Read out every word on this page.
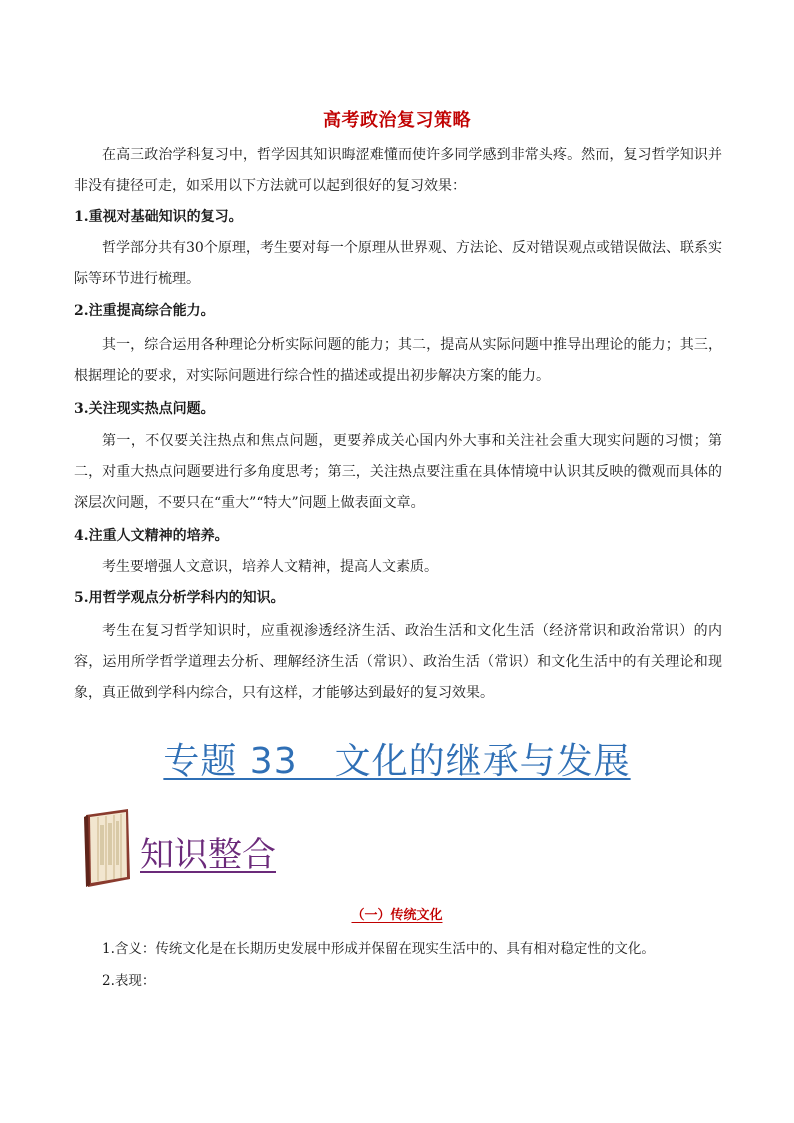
高考政治复习策略

在高三政治学科复习中，哲学因其知识晦涩难懂而使许多同学感到非常头疼。然而，复习哲学知识并非没有捷径可走，如采用以下方法就可以起到很好的复习效果：

1.重视对基础知识的复习。

哲学部分共有30个原理，考生要对每一个原理从世界观、方法论、反对错误观点或错误做法、联系实际等环节进行梳理。

2.注重提高综合能力。

其一，综合运用各种理论分析实际问题的能力；其二，提高从实际问题中推导出理论的能力；其三，根据理论的要求，对实际问题进行综合性的描述或提出初步解决方案的能力。

3.关注现实热点问题。

第一，不仅要关注热点和焦点问题，更要养成关心国内外大事和关注社会重大现实问题的习惯；第二，对重大热点问题要进行多角度思考；第三，关注热点要注重在具体情境中认识其反映的微观而具体的深层次问题，不要只在“重大”“特大”问题上做表面文章。

4.注重人文精神的培养。

考生要增强人文意识，培养人文精神，提高人文素质。

5.用哲学观点分析学科内的知识。

考生在复习哲学知识时，应重视渗透经济生活、政治生活和文化生活（经济常识和政治常识）的内容，运用所学哲学道理去分析、理解经济生活（常识）、政治生活（常识）和文化生活中的有关理论和现象，真正做到学科内综合，只有这样，才能够达到最好的复习效果。

专题 33　文化的继承与发展
知识整合
（一）传统文化

1.含义：传统文化是在长期历史发展中形成并保留在现实生活中的、具有相对稳定性的文化。

2.表现：
